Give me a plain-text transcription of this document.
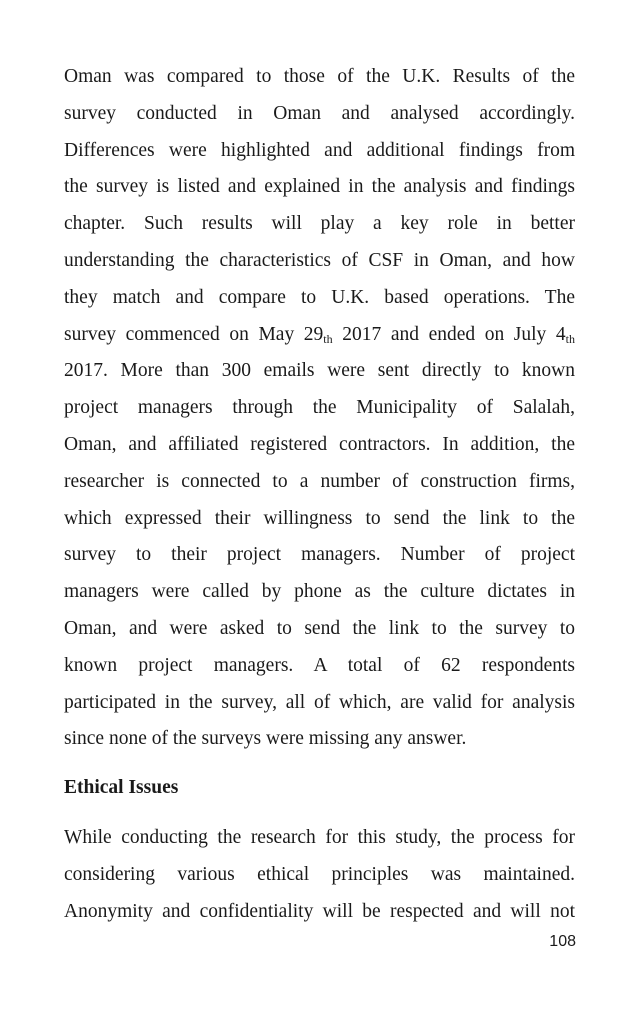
Oman was compared to those of the U.K. Results of the
survey conducted in Oman and analysed accordingly.
Differences were highlighted and additional findings from
the survey is listed and explained in the analysis and findings
chapter. Such results will play a key role in better
understanding the characteristics of CSF in Oman, and how
they match and compare to U.K. based operations. The
survey commenced on May $29_{th}$ 2017 and ended on July $4_{th}$
2017. More than 300 emails were sent directly to known
project managers through the Municipality of Salalah,
Oman, and affiliated registered contractors. In addition, the
researcher is connected to a number of construction firms,
which expressed their willingness to send the link to the
survey to their project managers. Number of project
managers were called by phone as the culture dictates in
Oman, and were asked to send the link to the survey to
known project managers. A total of 62 respondents
participated in the survey, all of which, are valid for analysis
since none of the surveys were missing any answer.
Ethical Issues
While conducting the research for this study, the process for
considering various ethical principles was maintained.
Anonymity and confidentiality will be respected and will not
108
